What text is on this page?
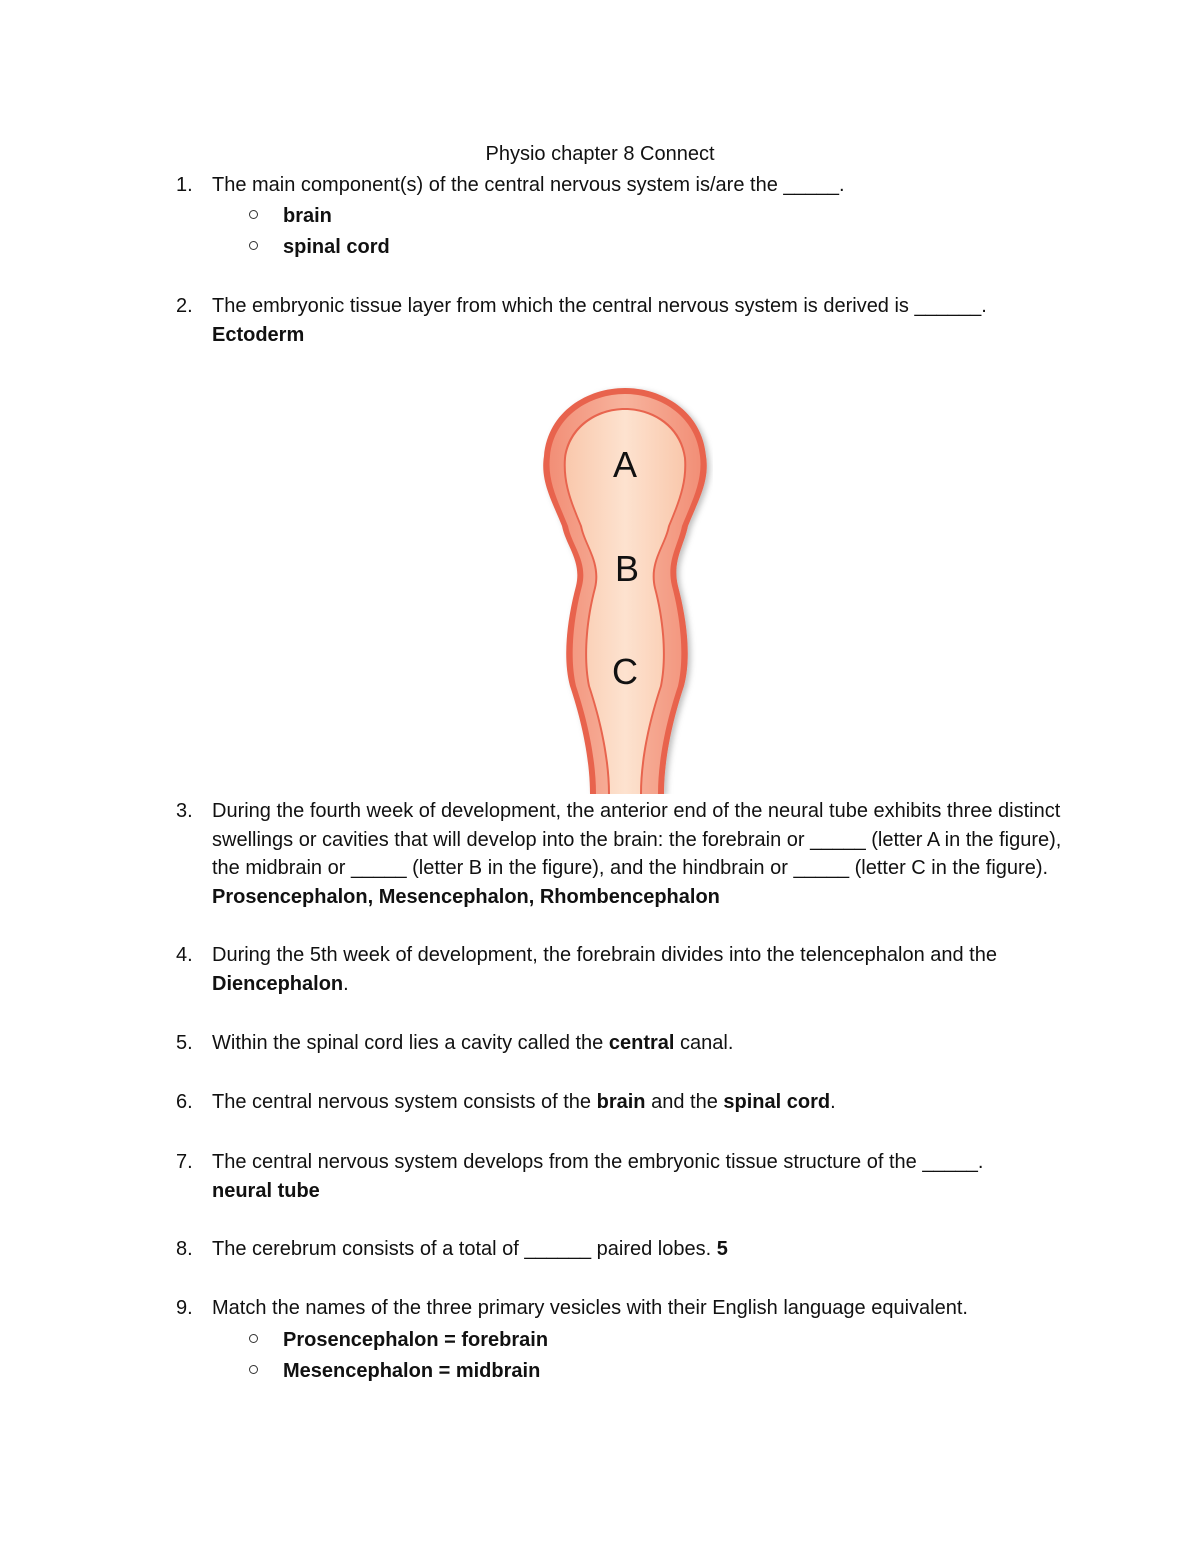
Physio chapter 8 Connect
1. The main component(s) of the central nervous system is/are the _____.
brain
spinal cord
2. The embryonic tissue layer from which the central nervous system is derived is ______. Ectoderm
A
B
C
3. During the fourth week of development, the anterior end of the neural tube exhibits three distinct swellings or cavities that will develop into the brain: the forebrain or _____ (letter A in the figure), the midbrain or _____ (letter B in the figure), and the hindbrain or _____ (letter C in the figure). Prosencephalon, Mesencephalon, Rhombencephalon
4. During the 5th week of development, the forebrain divides into the telencephalon and the Diencephalon.
5. Within the spinal cord lies a cavity called the central canal.
6. The central nervous system consists of the brain and the spinal cord.
7. The central nervous system develops from the embryonic tissue structure of the _____.
neural tube
8. The cerebrum consists of a total of ______ paired lobes. 5
9. Match the names of the three primary vesicles with their English language equivalent.
Prosencephalon = forebrain
Mesencephalon = midbrain
